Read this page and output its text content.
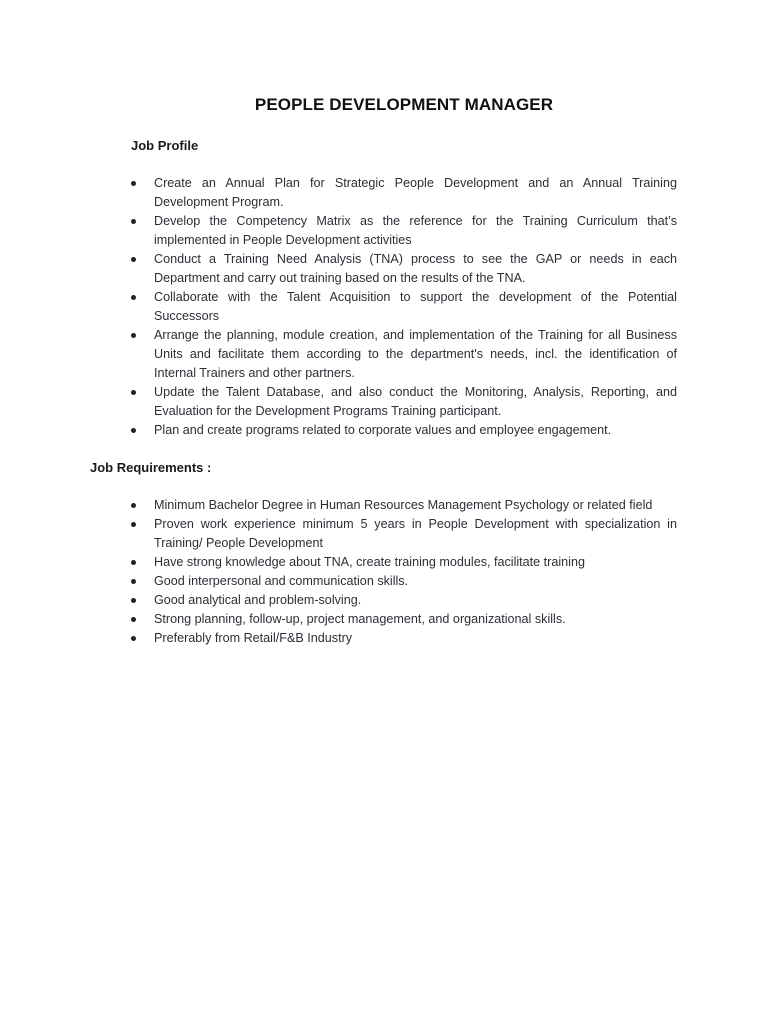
PEOPLE DEVELOPMENT MANAGER
Job Profile
Create an Annual Plan for Strategic People Development and an Annual Training Development Program.
Develop the Competency Matrix as the reference for the Training Curriculum that’s implemented in People Development activities
Conduct a Training Need Analysis (TNA) process to see the GAP or needs in each Department and carry out training based on the results of the TNA.
Collaborate with the Talent Acquisition to support the development of the Potential Successors
Arrange the planning, module creation, and implementation of the Training for all Business Units and facilitate them according to the department's needs, incl. the identification of Internal Trainers and other partners.
Update the Talent Database, and also conduct the Monitoring, Analysis, Reporting, and Evaluation for the Development Programs Training participant.
Plan and create programs related to corporate values and employee engagement.
Job Requirements :
Minimum Bachelor Degree in Human Resources Management Psychology or related field
Proven work experience minimum 5 years in People Development with specialization in Training/ People Development
Have strong knowledge about TNA, create training modules, facilitate training
Good interpersonal and communication skills.
Good analytical and problem-solving.
Strong planning, follow-up, project management, and organizational skills.
Preferably from Retail/F&B Industry
